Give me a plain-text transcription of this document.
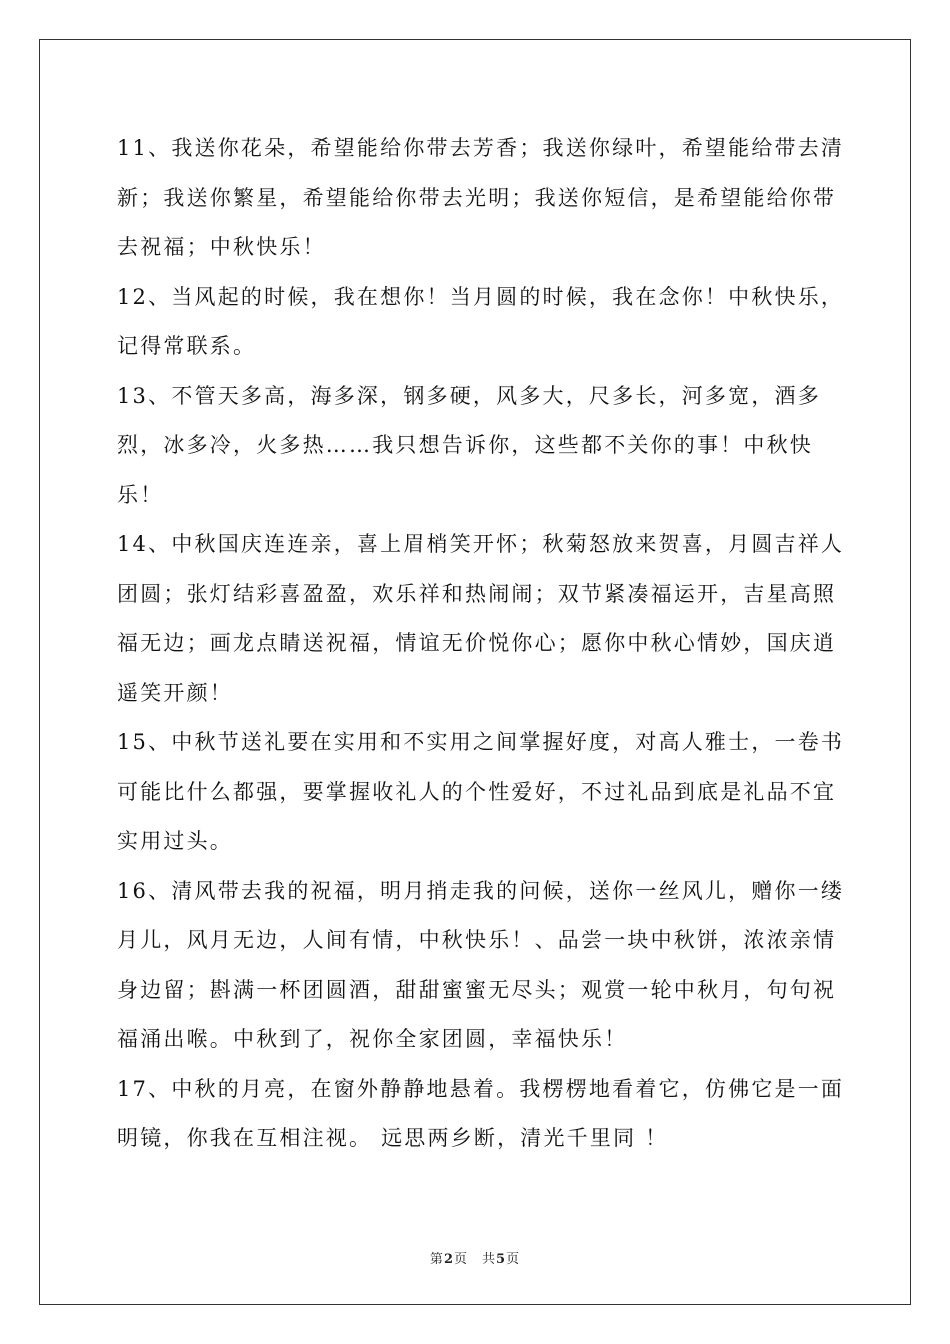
11、我送你花朵，希望能给你带去芳香；我送你绿叶，希望能给带去清新；我送你繁星，希望能给你带去光明；我送你短信，是希望能给你带去祝福；中秋快乐！

12、当风起的时候，我在想你！当月圆的时候，我在念你！中秋快乐，记得常联系。

13、不管天多高，海多深，钢多硬，风多大，尺多长，河多宽，酒多烈，冰多冷，火多热……我只想告诉你，这些都不关你的事！中秋快乐！

14、中秋国庆连连亲，喜上眉梢笑开怀；秋菊怒放来贺喜，月圆吉祥人团圆；张灯结彩喜盈盈，欢乐祥和热闹闹；双节紧凑福运开，吉星高照福无边；画龙点睛送祝福，情谊无价悦你心；愿你中秋心情妙，国庆逍遥笑开颜！

15、中秋节送礼要在实用和不实用之间掌握好度，对高人雅士，一卷书可能比什么都强，要掌握收礼人的个性爱好，不过礼品到底是礼品不宜实用过头。

16、清风带去我的祝福，明月捎走我的问候，送你一丝风儿，赠你一缕月儿，风月无边，人间有情，中秋快乐！、品尝一块中秋饼，浓浓亲情身边留；斟满一杯团圆酒，甜甜蜜蜜无尽头；观赏一轮中秋月，句句祝福涌出喉。中秋到了，祝你全家团圆，幸福快乐！

17、中秋的月亮，在窗外静静地悬着。我楞楞地看着它，仿佛它是一面明镜，你我在互相注视。 远思两乡断，清光千里同 ！

第2页 共5页
